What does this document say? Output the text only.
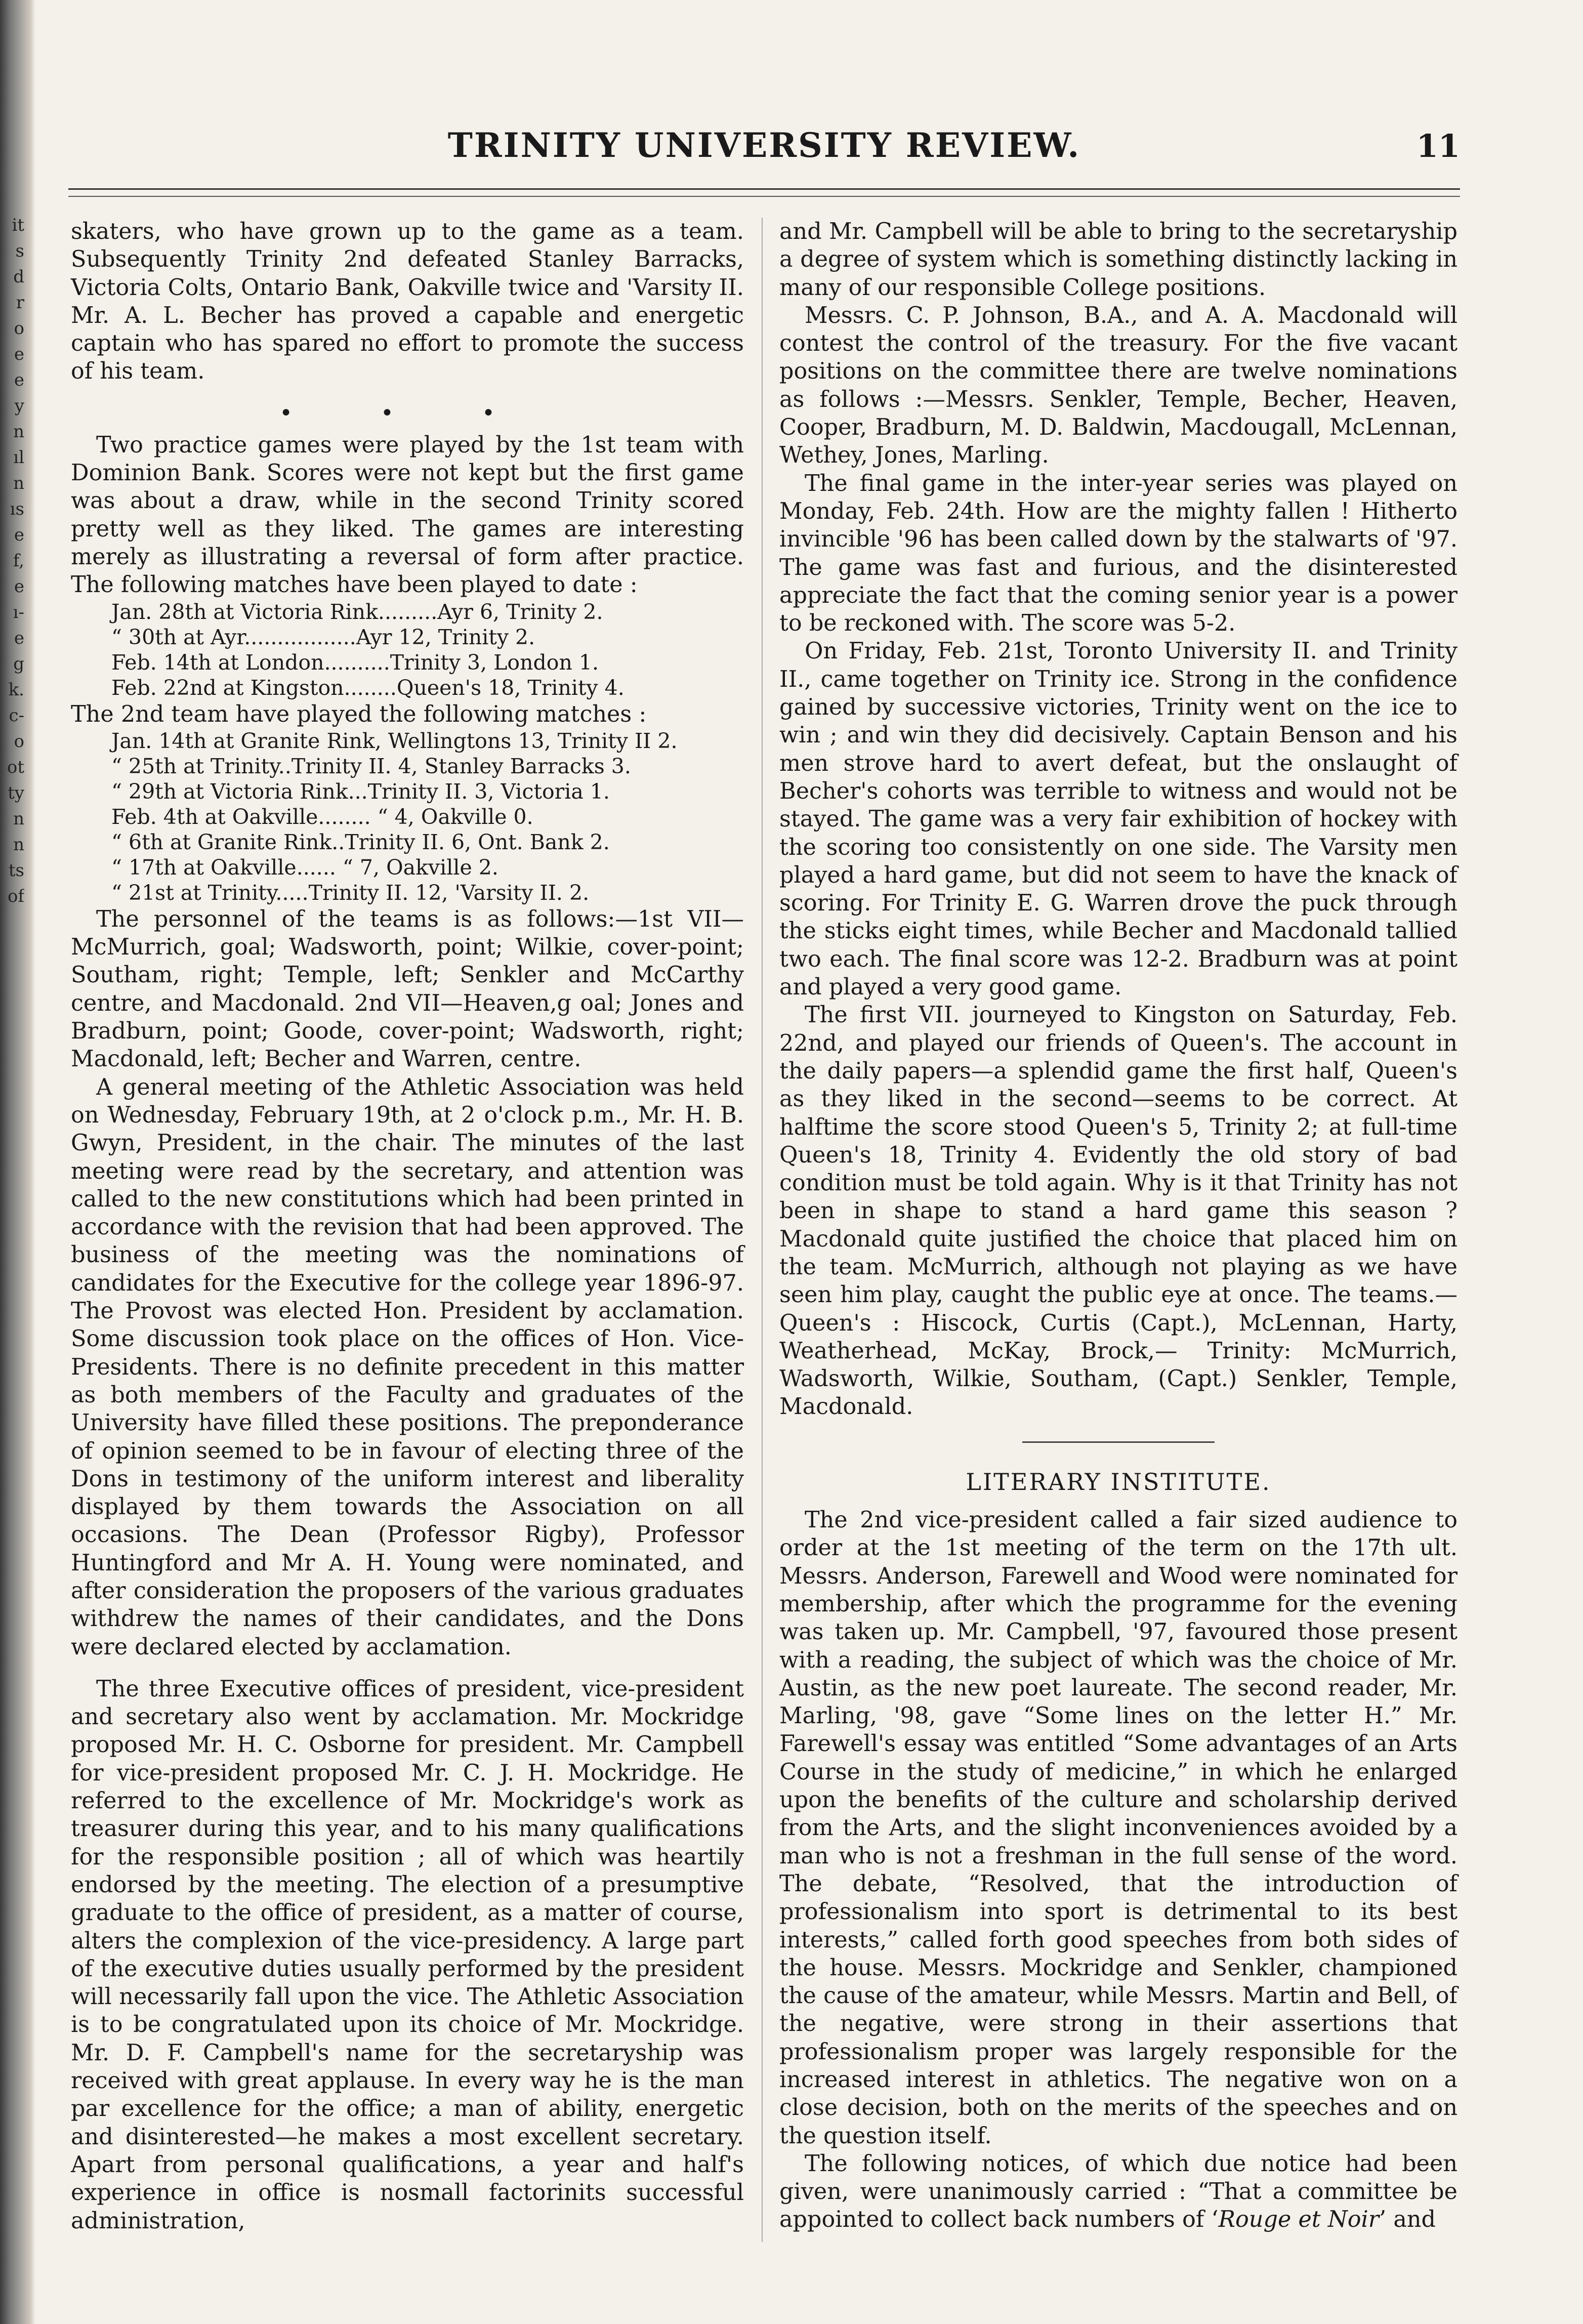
it
s
d
r
o
e
e
y
n
ıl
n
ıs
e
f,
e
ı-
e
g
k.
c-
o
ot
ty
n
n
ts
of
TRINITY UNIVERSITY REVIEW.	11

skaters, who have grown up to the game as a team. Subsequently Trinity 2nd defeated Stanley Barracks, Victoria Colts, Ontario Bank, Oakville twice and 'Varsity II. Mr. A. L. Becher has proved a capable and energetic captain who has spared no effort to promote the success of his team.

• • •

Two practice games were played by the 1st team with Dominion Bank. Scores were not kept but the first game was about a draw, while in the second Trinity scored pretty well as they liked. The games are interesting merely as illustrating a reversal of form after practice. The following matches have been played to date :

Jan. 28th at Victoria Rink.........Ayr 6, Trinity 2.
“ 30th at Ayr.................Ayr 12, Trinity 2.
Feb. 14th at London..........Trinity 3, London 1.
Feb. 22nd at Kingston........Queen's 18, Trinity 4.

The 2nd team have played the following matches :

Jan. 14th at Granite Rink, Wellingtons 13, Trinity II 2.
“ 25th at Trinity..Trinity II. 4, Stanley Barracks 3.
“ 29th at Victoria Rink...Trinity II. 3, Victoria 1.
Feb. 4th at Oakville........ “ 4, Oakville 0.
“ 6th at Granite Rink..Trinity II. 6, Ont. Bank 2.
“ 17th at Oakville...... “ 7, Oakville 2.
“ 21st at Trinity.....Trinity II. 12, 'Varsity II. 2.

The personnel of the teams is as follows:—1st VII—McMurrich, goal; Wadsworth, point; Wilkie, cover-point; Southam, right; Temple, left; Senkler and McCarthy centre, and Macdonald. 2nd VII—Heaven,g oal; Jones and Bradburn, point; Goode, cover-point; Wadsworth, right; Macdonald, left; Becher and Warren, centre.

A general meeting of the Athletic Association was held on Wednesday, February 19th, at 2 o'clock p.m., Mr. H. B. Gwyn, President, in the chair. The minutes of the last meeting were read by the secretary, and attention was called to the new constitutions which had been printed in accordance with the revision that had been approved. The business of the meeting was the nominations of candidates for the Executive for the college year 1896-97. The Provost was elected Hon. President by acclamation. Some discussion took place on the offices of Hon. Vice-Presidents. There is no definite precedent in this matter as both members of the Faculty and graduates of the University have filled these positions. The preponderance of opinion seemed to be in favour of electing three of the Dons in testimony of the uniform interest and liberality displayed by them towards the Association on all occasions. The Dean (Professor Rigby), Professor Huntingford and Mr A. H. Young were nominated, and after consideration the proposers of the various graduates withdrew the names of their candidates, and the Dons were declared elected by acclamation.

The three Executive offices of president, vice-president and secretary also went by acclamation. Mr. Mockridge proposed Mr. H. C. Osborne for president. Mr. Campbell for vice-president proposed Mr. C. J. H. Mockridge. He referred to the excellence of Mr. Mockridge's work as treasurer during this year, and to his many qualifications for the responsible position ; all of which was heartily endorsed by the meeting. The election of a presumptive graduate to the office of president, as a matter of course, alters the complexion of the vice-presidency. A large part of the executive duties usually performed by the president will necessarily fall upon the vice. The Athletic Association is to be congratulated upon its choice of Mr. Mockridge. Mr. D. F. Campbell's name for the secretaryship was received with great applause. In every way he is the man par excellence for the office; a man of ability, energetic and disinterested—he makes a most excellent secretary. Apart from personal qualifications, a year and half's experience in office is nosmall factorinits successful administration,

and Mr. Campbell will be able to bring to the secretaryship a degree of system which is something distinctly lacking in many of our responsible College positions.

Messrs. C. P. Johnson, B.A., and A. A. Macdonald will contest the control of the treasury. For the five vacant positions on the committee there are twelve nominations as follows :—Messrs. Senkler, Temple, Becher, Heaven, Cooper, Bradburn, M. D. Baldwin, Macdougall, McLennan, Wethey, Jones, Marling.

The final game in the inter-year series was played on Monday, Feb. 24th. How are the mighty fallen ! Hitherto invincible '96 has been called down by the stalwarts of '97. The game was fast and furious, and the disinterested appreciate the fact that the coming senior year is a power to be reckoned with. The score was 5-2.

On Friday, Feb. 21st, Toronto University II. and Trinity II., came together on Trinity ice. Strong in the confidence gained by successive victories, Trinity went on the ice to win ; and win they did decisively. Captain Benson and his men strove hard to avert defeat, but the onslaught of Becher's cohorts was terrible to witness and would not be stayed. The game was a very fair exhibition of hockey with the scoring too consistently on one side. The Varsity men played a hard game, but did not seem to have the knack of scoring. For Trinity E. G. Warren drove the puck through the sticks eight times, while Becher and Macdonald tallied two each. The final score was 12-2. Bradburn was at point and played a very good game.

The first VII. journeyed to Kingston on Saturday, Feb. 22nd, and played our friends of Queen's. The account in the daily papers—a splendid game the first half, Queen's as they liked in the second—seems to be correct. At halftime the score stood Queen's 5, Trinity 2; at full-time Queen's 18, Trinity 4. Evidently the old story of bad condition must be told again. Why is it that Trinity has not been in shape to stand a hard game this season ? Macdonald quite justified the choice that placed him on the team. McMurrich, although not playing as we have seen him play, caught the public eye at once. The teams.—Queen's : Hiscock, Curtis (Capt.), McLennan, Harty, Weatherhead, McKay, Brock,— Trinity: McMurrich, Wadsworth, Wilkie, Southam, (Capt.) Senkler, Temple, Macdonald.

LITERARY INSTITUTE.

The 2nd vice-president called a fair sized audience to order at the 1st meeting of the term on the 17th ult. Messrs. Anderson, Farewell and Wood were nominated for membership, after which the programme for the evening was taken up. Mr. Campbell, '97, favoured those present with a reading, the subject of which was the choice of Mr. Austin, as the new poet laureate. The second reader, Mr. Marling, '98, gave “Some lines on the letter H.” Mr. Farewell's essay was entitled “Some advantages of an Arts Course in the study of medicine,” in which he enlarged upon the benefits of the culture and scholarship derived from the Arts, and the slight inconveniences avoided by a man who is not a freshman in the full sense of the word. The debate, “Resolved, that the introduction of professionalism into sport is detrimental to its best interests,” called forth good speeches from both sides of the house. Messrs. Mockridge and Senkler, championed the cause of the amateur, while Messrs. Martin and Bell, of the negative, were strong in their assertions that professionalism proper was largely responsible for the increased interest in athletics. The negative won on a close decision, both on the merits of the speeches and on the question itself.

The following notices, of which due notice had been given, were unanimously carried : “That a committee be appointed to collect back numbers of ‘Rouge et Noir’ and
